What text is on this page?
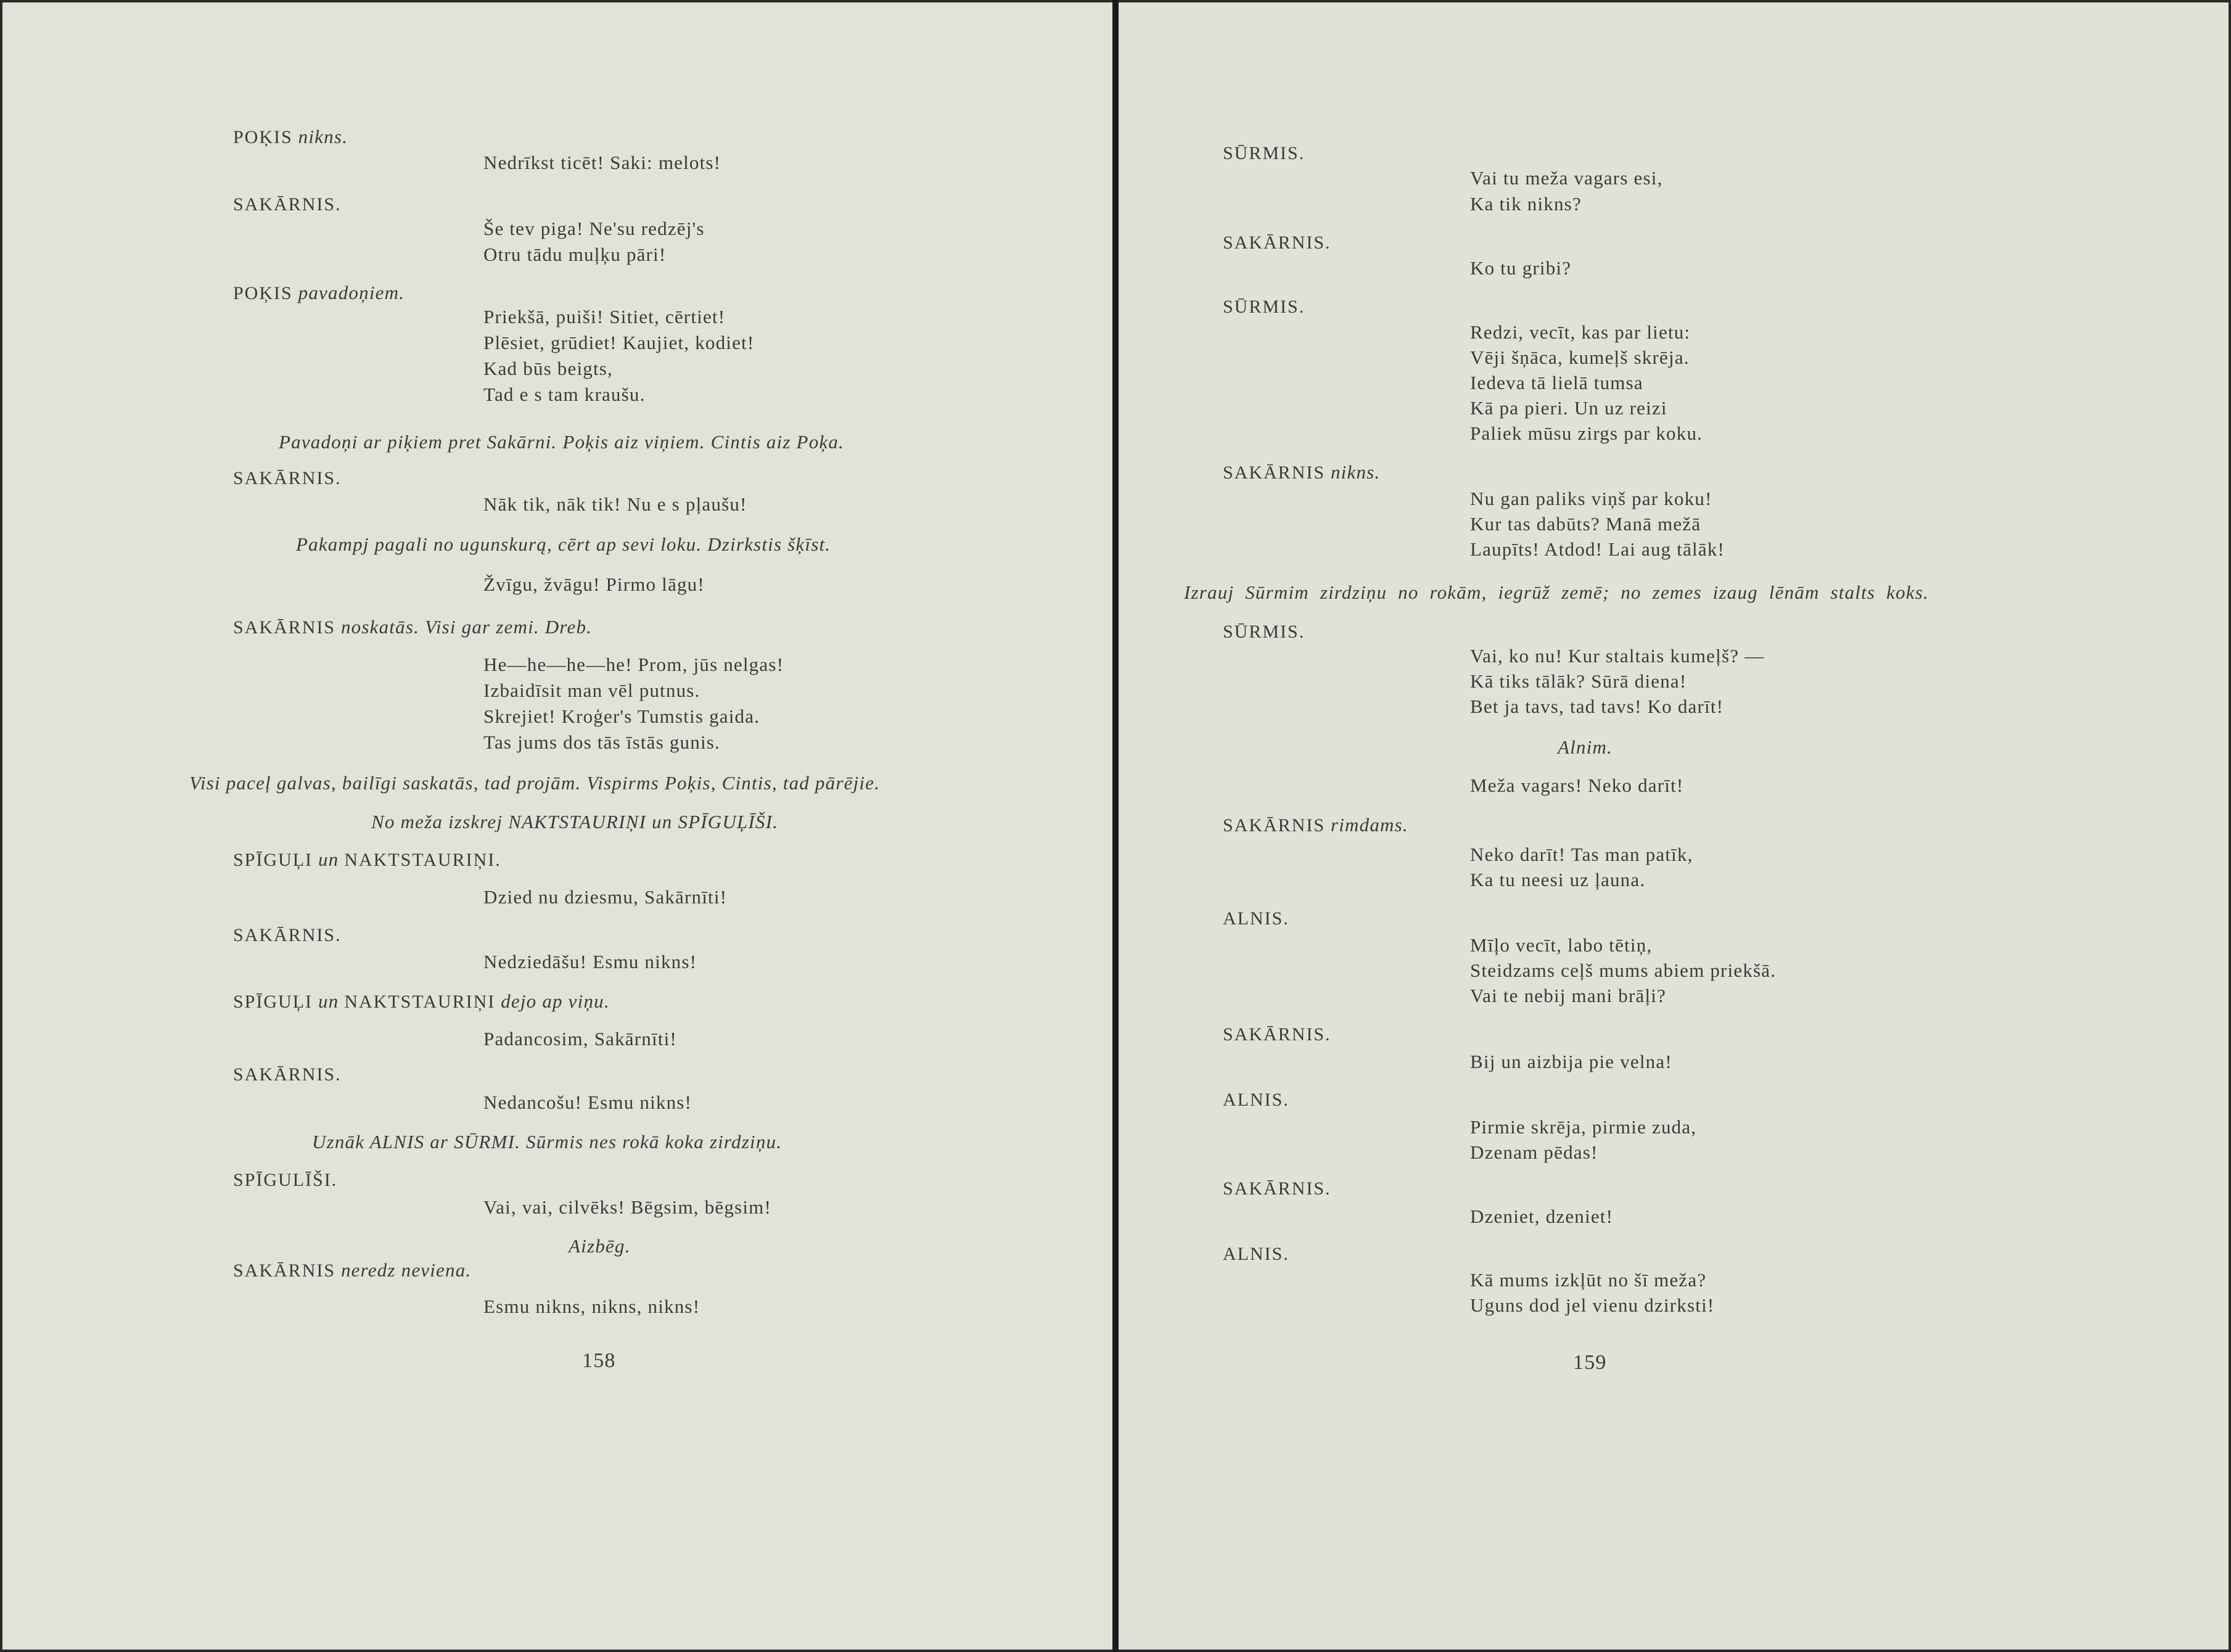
POĶIS nikns.
Nedrīkst ticēt! Saki: melots!
SAKĀRNIS.
Še tev piga! Ne'su redzēj's
Otru tādu muļķu pāri!
POĶIS pavadoņiem.
Priekšā, puiši! Sitiet, cērtiet!
Plēsiet, grūdiet! Kaujiet, kodiet!
Kad būs beigts,
Tad e s tam kraušu.
Pavadoņi ar piķiem pret Sakārni. Poķis aiz viņiem. Cintis aiz Poķa.
SAKĀRNIS.
Nāk tik, nāk tik! Nu e s pļaušu!
Pakampj pagali no ugunskurą, cērt ap sevi loku. Dzirkstis šķīst.
Žvīgu, žvāgu! Pirmo lāgu!
SAKĀRNIS noskatās. Visi gar zemi. Dreb.
He—he—he—he! Prom, jūs nelgas!
Izbaidīsit man vēl putnus.
Skrejiet! Kroģer's Tumstis gaida.
Tas jums dos tās īstās gunis.
Visi paceļ galvas, bailīgi saskatās, tad projām. Vispirms Poķis, Cintis, tad pārējie.
No meža izskrej NAKTSTAURIŅI un SPĪGUĻĪŠI.
SPĪGUĻI un NAKTSTAURIŅI.
Dzied nu dziesmu, Sakārnīti!
SAKĀRNIS.
Nedziedāšu! Esmu nikns!
SPĪGUĻI un NAKTSTAURIŅI dejo ap viņu.
Padancosim, Sakārnīti!
SAKĀRNIS.
Nedancošu! Esmu nikns!
Uznāk ALNIS ar SŪRMI. Sūrmis nes rokā koka zirdziņu.
SPĪGULĪŠI.
Vai, vai, cilvēks! Bēgsim, bēgsim!
Aizbēg.
SAKĀRNIS neredz neviena.
Esmu nikns, nikns, nikns!
158
SŪRMIS.
Vai tu meža vagars esi,
Ka tik nikns?
SAKĀRNIS.
Ko tu gribi?
SŪRMIS.
Redzi, vecīt, kas par lietu:
Vēji šņāca, kumeļš skrēja.
Iedeva tā lielā tumsa
Kā pa pieri. Un uz reizi
Paliek mūsu zirgs par koku.
SAKĀRNIS nikns.
Nu gan paliks viņš par koku!
Kur tas dabūts? Manā mežā
Laupīts! Atdod! Lai aug tālāk!
Izrauj Sūrmim zirdziņu no rokām, iegrūž zemē; no zemes izaug lēnām stalts koks.
SŪRMIS.
Vai, ko nu! Kur staltais kumeļš? —
Kā tiks tālāk? Sūrā diena!
Bet ja tavs, tad tavs! Ko darīt!
Alnim.
Meža vagars! Neko darīt!
SAKĀRNIS rimdams.
Neko darīt! Tas man patīk,
Ka tu neesi uz ļauna.
ALNIS.
Mīļo vecīt, labo tētiņ,
Steidzams ceļš mums abiem priekšā.
Vai te nebij mani brāļi?
SAKĀRNIS.
Bij un aizbija pie velna!
ALNIS.
Pirmie skrēja, pirmie zuda,
Dzenam pēdas!
SAKĀRNIS.
Dzeniet, dzeniet!
ALNIS.
Kā mums izkļūt no šī meža?
Uguns dod jel vienu dzirksti!
159
